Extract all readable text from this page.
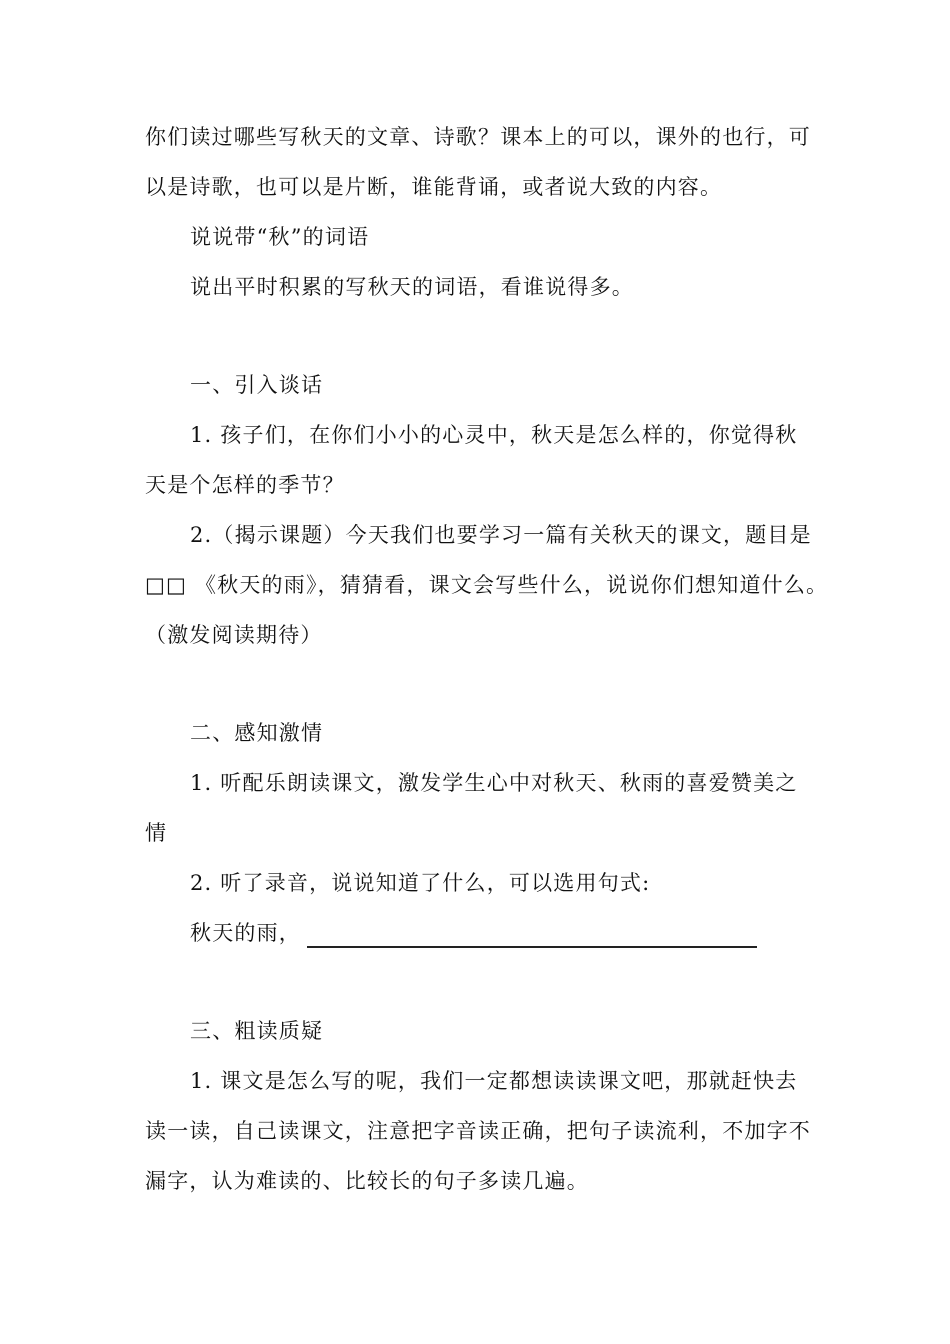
你们读过哪些写秋天的文章、诗歌？课本上的可以，课外的也行，可
以是诗歌，也可以是片断，谁能背诵，或者说大致的内容。
说说带“秋”的词语
说出平时积累的写秋天的词语，看谁说得多。
一、引入谈话
1. 孩子们，在你们小小的心灵中，秋天是怎么样的，你觉得秋
天是个怎样的季节？
2.（揭示课题）今天我们也要学习一篇有关秋天的课文，题目是
□□ 《秋天的雨》，猜猜看，课文会写些什么，说说你们想知道什么。
（激发阅读期待）
二、感知激情
1. 听配乐朗读课文，激发学生心中对秋天、秋雨的喜爱赞美之
情
2. 听了录音，说说知道了什么，可以选用句式:
秋天的雨，
三、粗读质疑
1. 课文是怎么写的呢，我们一定都想读读课文吧，那就赶快去
读一读，自己读课文，注意把字音读正确，把句子读流利，不加字不
漏字，认为难读的、比较长的句子多读几遍。
